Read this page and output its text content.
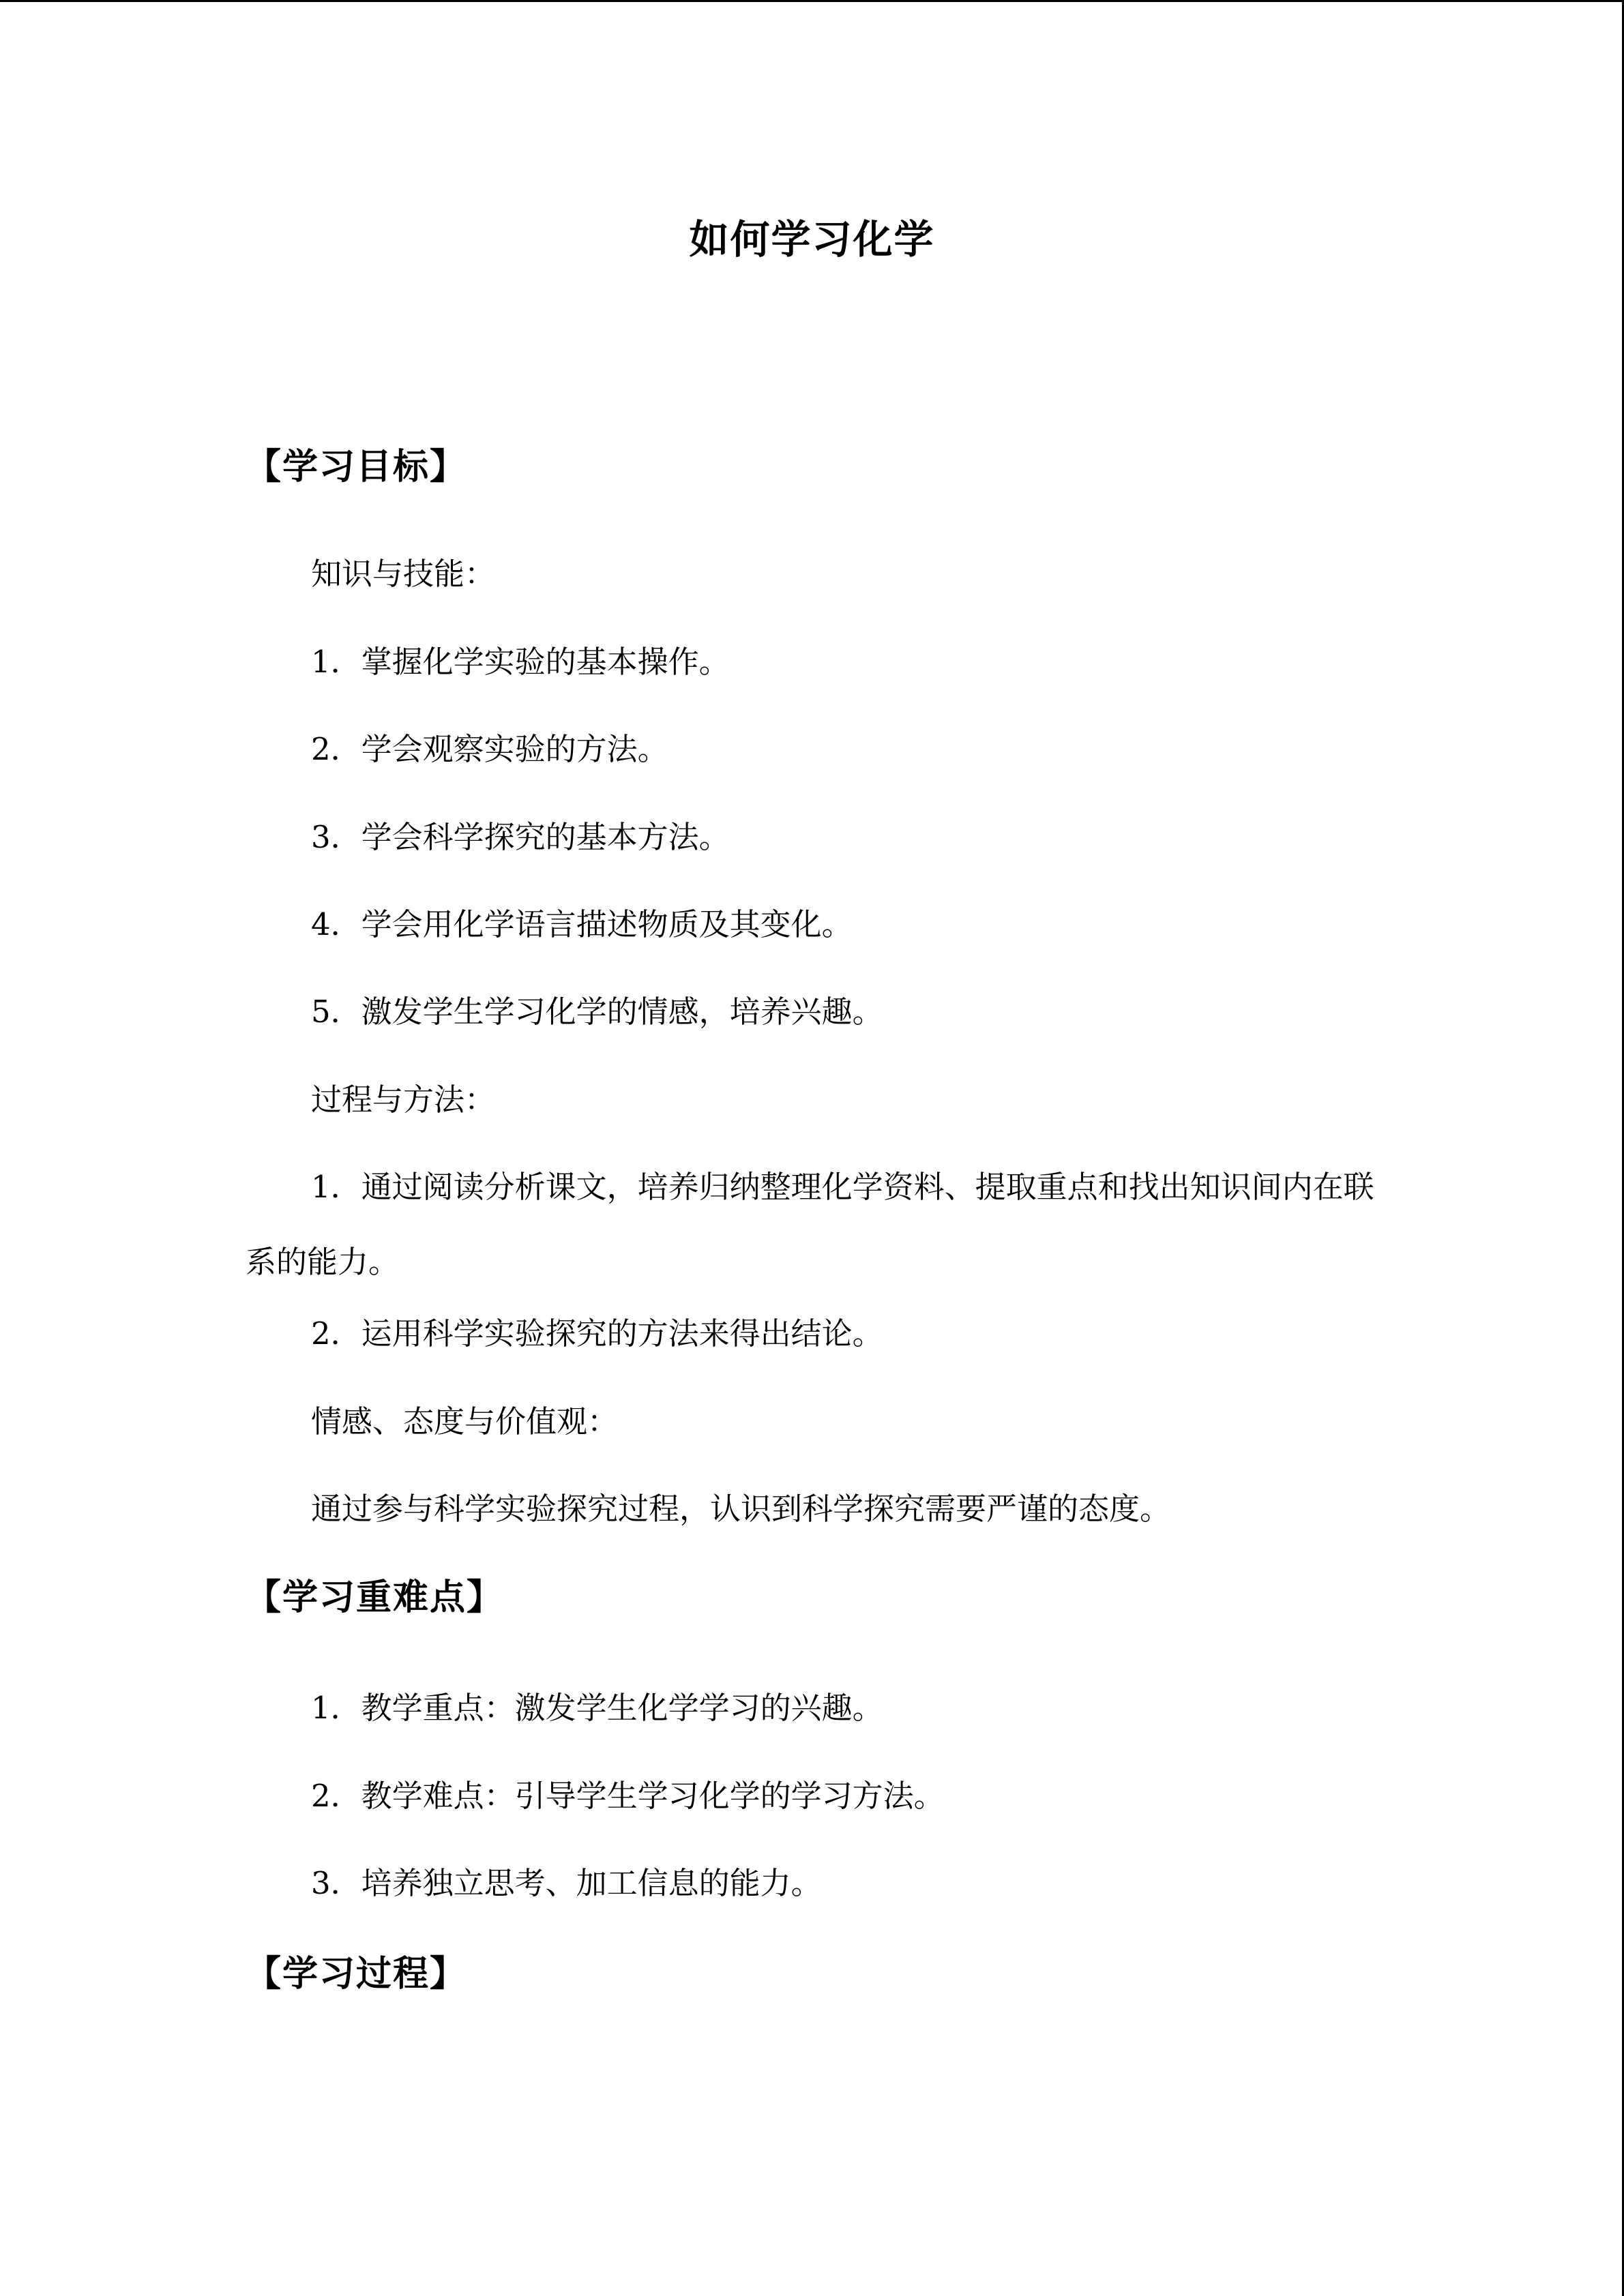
如何学习化学
【学习目标】
知识与技能：
1．掌握化学实验的基本操作。
2．学会观察实验的方法。
3．学会科学探究的基本方法。
4．学会用化学语言描述物质及其变化。
5．激发学生学习化学的情感，培养兴趣。
过程与方法：
1．通过阅读分析课文，培养归纳整理化学资料、提取重点和找出知识间内在联系的能力。
2．运用科学实验探究的方法来得出结论。
情感、态度与价值观：
通过参与科学实验探究过程，认识到科学探究需要严谨的态度。
【学习重难点】
1．教学重点：激发学生化学学习的兴趣。
2．教学难点：引导学生学习化学的学习方法。
3．培养独立思考、加工信息的能力。
【学习过程】
